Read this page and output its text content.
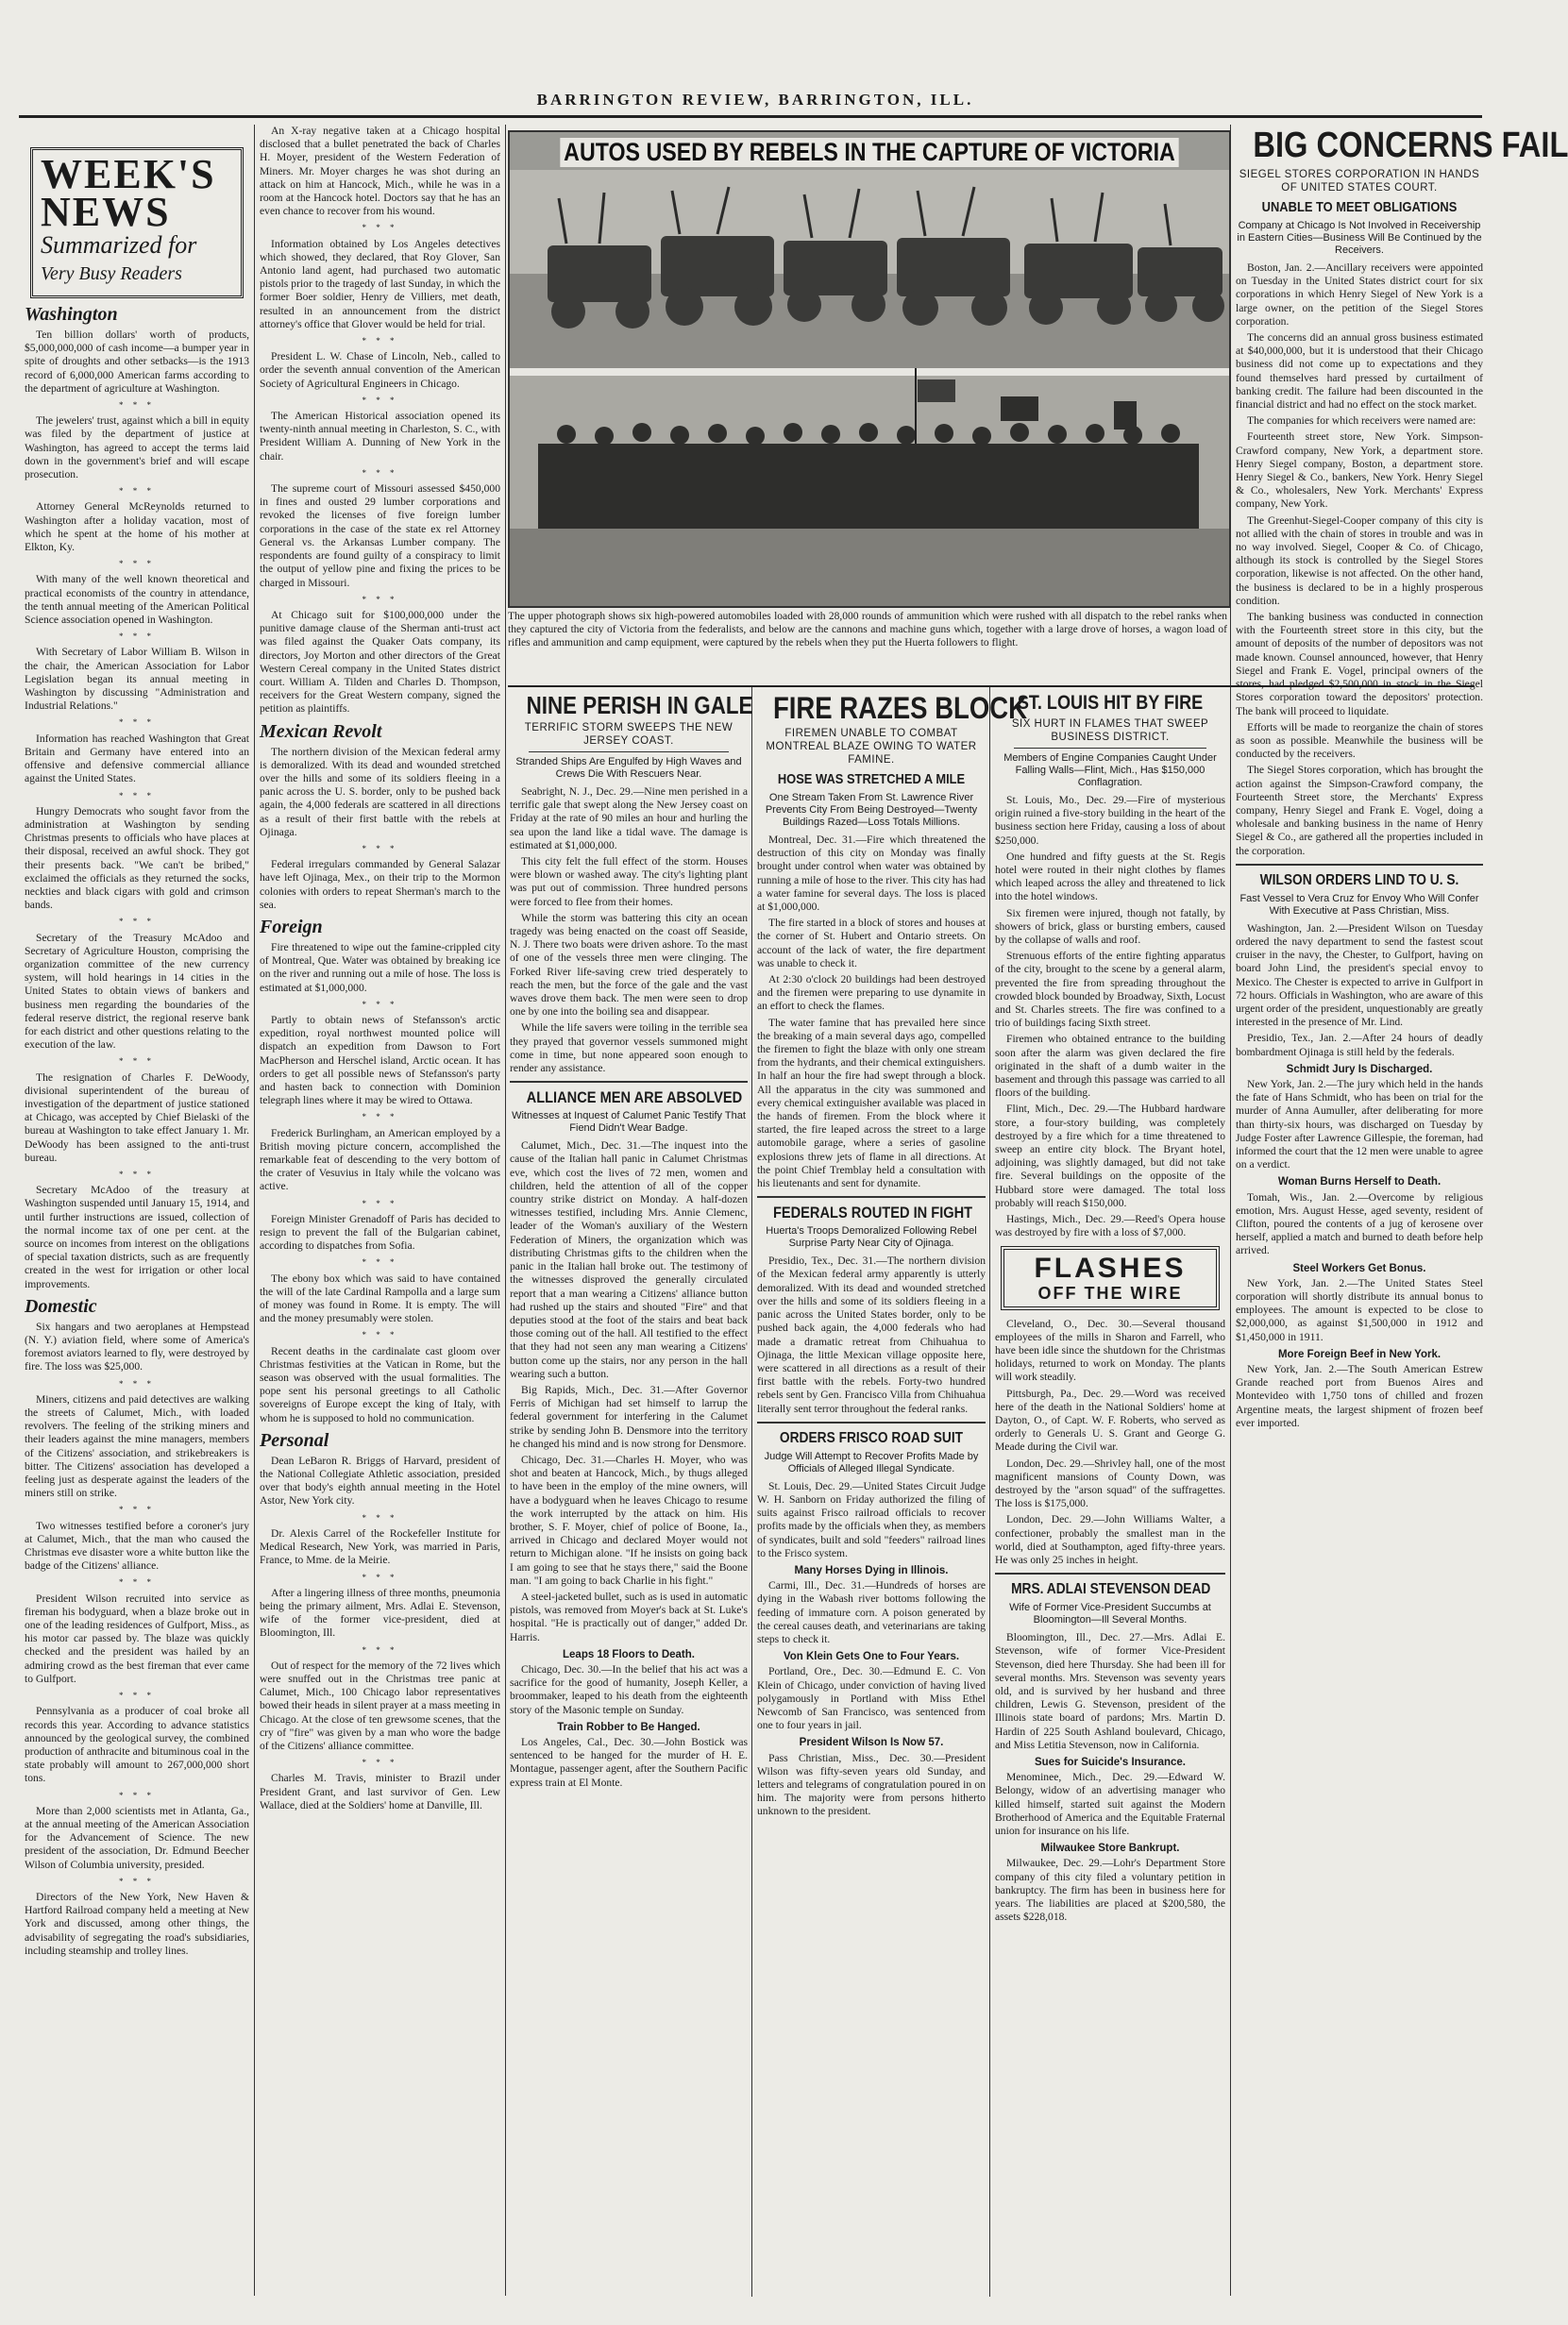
BARRINGTON REVIEW, BARRINGTON, ILL.
WEEK'S
NEWS
Summarized for
Very Busy Readers
Washington

Ten billion dollars' worth of products, $5,000,000,000 of cash income—a bumper year in spite of droughts and other setbacks—is the 1913 record of 6,000,000 American farms according to the department of agriculture at Washington.

* * *

The jewelers' trust, against which a bill in equity was filed by the department of justice at Washington, has agreed to accept the terms laid down in the government's brief and will escape prosecution.

* * *

Attorney General McReynolds returned to Washington after a holiday vacation, most of which he spent at the home of his mother at Elkton, Ky.

* * *

With many of the well known theoretical and practical economists of the country in attendance, the tenth annual meeting of the American Political Science association opened in Washington.

* * *

With Secretary of Labor William B. Wilson in the chair, the American Association for Labor Legislation began its annual meeting in Washington by discussing "Administration and Industrial Relations."

* * *

Information has reached Washington that Great Britain and Germany have entered into an offensive and defensive commercial alliance against the United States.

* * *

Hungry Democrats who sought favor from the administration at Washington by sending Christmas presents to officials who have places at their disposal, received an awful shock. They got their presents back. "We can't be bribed," exclaimed the officials as they returned the socks, neckties and black cigars with gold and crimson bands.

* * *

Secretary of the Treasury McAdoo and Secretary of Agriculture Houston, comprising the organization committee of the new currency system, will hold hearings in 14 cities in the United States to obtain views of bankers and business men regarding the boundaries of the federal reserve district, the regional reserve bank for each district and other questions relating to the execution of the law.

* * *

The resignation of Charles F. DeWoody, divisional superintendent of the bureau of investigation of the department of justice stationed at Chicago, was accepted by Chief Bielaski of the bureau at Washington to take effect January 1. Mr. DeWoody has been assigned to the anti-trust bureau.

* * *

Secretary McAdoo of the treasury at Washington suspended until January 15, 1914, and until further instructions are issued, collection of the normal income tax of one per cent. at the source on incomes from interest on the obligations of special taxation districts, such as are frequently created in the west for irrigation or other local improvements.

Domestic

Six hangars and two aeroplanes at Hempstead (N. Y.) aviation field, where some of America's foremost aviators learned to fly, were destroyed by fire. The loss was $25,000.

* * *

Miners, citizens and paid detectives are walking the streets of Calumet, Mich., with loaded revolvers. The feeling of the striking miners and their leaders against the mine managers, members of the Citizens' association, and strikebreakers is bitter. The Citizens' association has developed a feeling just as desperate against the leaders of the miners still on strike.

* * *

Two witnesses testified before a coroner's jury at Calumet, Mich., that the man who caused the Christmas eve disaster wore a white button like the badge of the Citizens' alliance.

* * *

President Wilson recruited into service as fireman his bodyguard, when a blaze broke out in one of the leading residences of Gulfport, Miss., as his motor car passed by. The blaze was quickly checked and the president was hailed by an admiring crowd as the best fireman that ever came to Gulfport.

* * *

Pennsylvania as a producer of coal broke all records this year. According to advance statistics announced by the geological survey, the combined production of anthracite and bituminous coal in the state probably will amount to 267,000,000 short tons.

* * *

More than 2,000 scientists met in Atlanta, Ga., at the annual meeting of the American Association for the Advancement of Science. The new president of the association, Dr. Edmund Beecher Wilson of Columbia university, presided.

* * *

Directors of the New York, New Haven & Hartford Railroad company held a meeting at New York and discussed, among other things, the advisability of segregating the road's subsidiaries, including steamship and trolley lines.

An X-ray negative taken at a Chicago hospital disclosed that a bullet penetrated the back of Charles H. Moyer, president of the Western Federation of Miners. Mr. Moyer charges he was shot during an attack on him at Hancock, Mich., while he was in a room at the Hancock hotel. Doctors say that he has an even chance to recover from his wound.

* * *

Information obtained by Los Angeles detectives which showed, they declared, that Roy Glover, San Antonio land agent, had purchased two automatic pistols prior to the tragedy of last Sunday, in which the former Boer soldier, Henry de Villiers, met death, resulted in an announcement from the district attorney's office that Glover would be held for trial.

* * *

President L. W. Chase of Lincoln, Neb., called to order the seventh annual convention of the American Society of Agricultural Engineers in Chicago.

* * *

The American Historical association opened its twenty-ninth annual meeting in Charleston, S. C., with President William A. Dunning of New York in the chair.

* * *

The supreme court of Missouri assessed $450,000 in fines and ousted 29 lumber corporations and revoked the licenses of five foreign lumber corporations in the case of the state ex rel Attorney General vs. the Arkansas Lumber company. The respondents are found guilty of a conspiracy to limit the output of yellow pine and fixing the prices to be charged in Missouri.

* * *

At Chicago suit for $100,000,000 under the punitive damage clause of the Sherman anti-trust act was filed against the Quaker Oats company, its directors, Joy Morton and other directors of the Great Western Cereal company in the United States district court. William A. Tilden and Charles D. Thompson, receivers for the Great Western company, signed the petition as plaintiffs.

Mexican Revolt

The northern division of the Mexican federal army is demoralized. With its dead and wounded stretched over the hills and some of its soldiers fleeing in a panic across the U. S. border, only to be pushed back again, the 4,000 federals are scattered in all directions as a result of their first battle with the rebels at Ojinaga.

* * *

Federal irregulars commanded by General Salazar have left Ojinaga, Mex., on their trip to the Mormon colonies with orders to repeat Sherman's march to the sea.

Foreign

Fire threatened to wipe out the famine-crippled city of Montreal, Que. Water was obtained by breaking ice on the river and running out a mile of hose. The loss is estimated at $1,000,000.

* * *

Partly to obtain news of Stefansson's arctic expedition, royal northwest mounted police will dispatch an expedition from Dawson to Fort MacPherson and Herschel island, Arctic ocean. It has orders to get all possible news of Stefansson's party and hasten back to connection with Dominion telegraph lines where it may be wired to Ottawa.

* * *

Frederick Burlingham, an American employed by a British moving picture concern, accomplished the remarkable feat of descending to the very bottom of the crater of Vesuvius in Italy while the volcano was active.

* * *

Foreign Minister Grenadoff of Paris has decided to resign to prevent the fall of the Bulgarian cabinet, according to dispatches from Sofia.

* * *

The ebony box which was said to have contained the will of the late Cardinal Rampolla and a large sum of money was found in Rome. It is empty. The will and the money presumably were stolen.

* * *

Recent deaths in the cardinalate cast gloom over Christmas festivities at the Vatican in Rome, but the season was observed with the usual formalities. The pope sent his personal greetings to all Catholic sovereigns of Europe except the king of Italy, with whom he is supposed to hold no communication.

Personal

Dean LeBaron R. Briggs of Harvard, president of the National Collegiate Athletic association, presided over that body's eighth annual meeting in the Hotel Astor, New York city.

* * *

Dr. Alexis Carrel of the Rockefeller Institute for Medical Research, New York, was married in Paris, France, to Mme. de la Meirie.

* * *

After a lingering illness of three months, pneumonia being the primary ailment, Mrs. Adlai E. Stevenson, wife of the former vice-president, died at Bloomington, Ill.

* * *

Out of respect for the memory of the 72 lives which were snuffed out in the Christmas tree panic at Calumet, Mich., 100 Chicago labor representatives bowed their heads in silent prayer at a mass meeting in Chicago. At the close of ten grewsome scenes, that the cry of "fire" was given by a man who wore the badge of the Citizens' alliance committee.

* * *

Charles M. Travis, minister to Brazil under President Grant, and last survivor of Gen. Lew Wallace, died at the Soldiers' home at Danville, Ill.

AUTOS USED BY REBELS IN THE CAPTURE OF VICTORIA
The upper photograph shows six high-powered automobiles loaded with 28,000 rounds of ammunition which were rushed with all dispatch to the rebel ranks when they captured the city of Victoria from the federalists, and below are the cannons and machine guns which, together with a large drove of horses, a wagon load of rifles and ammunition and camp equipment, were captured by the rebels when they put the Huerta followers to flight.
NINE PERISH IN GALE
TERRIFIC STORM SWEEPS THE NEW JERSEY COAST.
Stranded Ships Are Engulfed by High Waves and Crews Die With Rescuers Near.

Seabright, N. J., Dec. 29.—Nine men perished in a terrific gale that swept along the New Jersey coast on Friday at the rate of 90 miles an hour and hurling the sea upon the land like a tidal wave. The damage is estimated at $1,000,000.

This city felt the full effect of the storm. Houses were blown or washed away. The city's lighting plant was put out of commission. Three hundred persons were forced to flee from their homes.

While the storm was battering this city an ocean tragedy was being enacted on the coast off Seaside, N. J. There two boats were driven ashore. To the mast of one of the vessels three men were clinging. The Forked River life-saving crew tried desperately to reach the men, but the force of the gale and the vast waves drove them back. The men were seen to drop one by one into the boiling sea and disappear.

While the life savers were toiling in the terrible sea they prayed that governor vessels summoned might come in time, but none appeared soon enough to render any assistance.

ALLIANCE MEN ARE ABSOLVED
Witnesses at Inquest of Calumet Panic Testify That Fiend Didn't Wear Badge.

Calumet, Mich., Dec. 31.—The inquest into the cause of the Italian hall panic in Calumet Christmas eve, which cost the lives of 72 men, women and children, held the attention of all of the copper country strike district on Monday. A half-dozen witnesses testified, including Mrs. Annie Clemenc, leader of the Woman's auxiliary of the Western Federation of Miners, the organization which was distributing Christmas gifts to the children when the panic in the Italian hall broke out. The testimony of the witnesses disproved the generally circulated report that a man wearing a Citizens' alliance button had rushed up the stairs and shouted "Fire" and that deputies stood at the foot of the stairs and beat back those coming out of the hall. All testified to the effect that they had not seen any man wearing a Citizens' button come up the stairs, nor any person in the hall wearing such a button.

Big Rapids, Mich., Dec. 31.—After Governor Ferris of Michigan had set himself to larrup the federal government for interfering in the Calumet strike by sending John B. Densmore into the territory he changed his mind and is now strong for Densmore.

Chicago, Dec. 31.—Charles H. Moyer, who was shot and beaten at Hancock, Mich., by thugs alleged to have been in the employ of the mine owners, will have a bodyguard when he leaves Chicago to resume the work interrupted by the attack on him. His brother, S. F. Moyer, chief of police of Boone, Ia., arrived in Chicago and declared Moyer would not return to Michigan alone. "If he insists on going back I am going to see that he stays there," said the Boone man. "I am going to back Charlie in his fight."

A steel-jacketed bullet, such as is used in automatic pistols, was removed from Moyer's back at St. Luke's hospital. "He is practically out of danger," added Dr. Harris.

Leaps 18 Floors to Death.

Chicago, Dec. 30.—In the belief that his act was a sacrifice for the good of humanity, Joseph Keller, a broommaker, leaped to his death from the eighteenth story of the Masonic temple on Sunday.

Train Robber to Be Hanged.

Los Angeles, Cal., Dec. 30.—John Bostick was sentenced to be hanged for the murder of H. E. Montague, passenger agent, after the Southern Pacific express train at El Monte.

FIRE RAZES BLOCK
FIREMEN UNABLE TO COMBAT MONTREAL BLAZE OWING TO WATER FAMINE.
HOSE WAS STRETCHED A MILE
One Stream Taken From St. Lawrence River Prevents City From Being Destroyed—Twenty Buildings Razed—Loss Totals Millions.

Montreal, Dec. 31.—Fire which threatened the destruction of this city on Monday was finally brought under control when water was obtained by running a mile of hose to the river. This city has had a water famine for several days. The loss is placed at $1,000,000.

The fire started in a block of stores and houses at the corner of St. Hubert and Ontario streets. On account of the lack of water, the fire department was unable to check it.

At 2:30 o'clock 20 buildings had been destroyed and the firemen were preparing to use dynamite in an effort to check the flames.

The water famine that has prevailed here since the breaking of a main several days ago, compelled the firemen to fight the blaze with only one stream from the hydrants, and their chemical extinguishers. In half an hour the fire had swept through a block. All the apparatus in the city was summoned and every chemical extinguisher available was placed in the hands of firemen. From the block where it started, the fire leaped across the street to a large automobile garage, where a series of gasoline explosions threw jets of flame in all directions. At the point Chief Tremblay held a consultation with his lieutenants and sent for dynamite.

FEDERALS ROUTED IN FIGHT
Huerta's Troops Demoralized Following Rebel Surprise Party Near City of Ojinaga.

Presidio, Tex., Dec. 31.—The northern division of the Mexican federal army apparently is utterly demoralized. With its dead and wounded stretched over the hills and some of its soldiers fleeing in a panic across the United States border, only to be pushed back again, the 4,000 federals who had made a dramatic retreat from Chihuahua to Ojinaga, the little Mexican village opposite here, were scattered in all directions as a result of their first battle with the rebels. Forty-two hundred rebels sent by Gen. Francisco Villa from Chihuahua literally sent terror throughout the federal ranks.

ORDERS FRISCO ROAD SUIT
Judge Will Attempt to Recover Profits Made by Officials of Alleged Illegal Syndicate.

St. Louis, Dec. 29.—United States Circuit Judge W. H. Sanborn on Friday authorized the filing of suits against Frisco railroad officials to recover profits made by the officials when they, as members of syndicates, built and sold "feeders" railroad lines to the Frisco system.

Many Horses Dying in Illinois.

Carmi, Ill., Dec. 31.—Hundreds of horses are dying in the Wabash river bottoms following the feeding of immature corn. A poison generated by the cereal causes death, and veterinarians are taking steps to check it.

Von Klein Gets One to Four Years.

Portland, Ore., Dec. 30.—Edmund E. C. Von Klein of Chicago, under conviction of having lived polygamously in Portland with Miss Ethel Newcomb of San Francisco, was sentenced from one to four years in jail.

President Wilson Is Now 57.

Pass Christian, Miss., Dec. 30.—President Wilson was fifty-seven years old Sunday, and letters and telegrams of congratulation poured in on him. The majority were from persons hitherto unknown to the president.

ST. LOUIS HIT BY FIRE
SIX HURT IN FLAMES THAT SWEEP BUSINESS DISTRICT.
Members of Engine Companies Caught Under Falling Walls—Flint, Mich., Has $150,000 Conflagration.

St. Louis, Mo., Dec. 29.—Fire of mysterious origin ruined a five-story building in the heart of the business section here Friday, causing a loss of about $250,000.

One hundred and fifty guests at the St. Regis hotel were routed in their night clothes by flames which leaped across the alley and threatened to lick into the hotel windows.

Six firemen were injured, though not fatally, by showers of brick, glass or bursting embers, caused by the collapse of walls and roof.

Strenuous efforts of the entire fighting apparatus of the city, brought to the scene by a general alarm, prevented the fire from spreading throughout the crowded block bounded by Broadway, Sixth, Locust and St. Charles streets. The fire was confined to a trio of buildings facing Sixth street.

Firemen who obtained entrance to the building soon after the alarm was given declared the fire originated in the shaft of a dumb waiter in the basement and through this passage was carried to all floors of the building.

Flint, Mich., Dec. 29.—The Hubbard hardware store, a four-story building, was completely destroyed by a fire which for a time threatened to sweep an entire city block. The Bryant hotel, adjoining, was slightly damaged, but did not take fire. Several buildings on the opposite of the Hubbard store were damaged. The total loss probably will reach $150,000.

Hastings, Mich., Dec. 29.—Reed's Opera house was destroyed by fire with a loss of $7,000.

FLASHES
OFF THE WIRE

Cleveland, O., Dec. 30.—Several thousand employees of the mills in Sharon and Farrell, who have been idle since the shutdown for the Christmas holidays, returned to work on Monday. The plants will work steadily.

Pittsburgh, Pa., Dec. 29.—Word was received here of the death in the National Soldiers' home at Dayton, O., of Capt. W. F. Roberts, who served as orderly to Generals U. S. Grant and George G. Meade during the Civil war.

London, Dec. 29.—Shrivley hall, one of the most magnificent mansions of County Down, was destroyed by the "arson squad" of the suffragettes. The loss is $175,000.

London, Dec. 29.—John Williams Walter, a confectioner, probably the smallest man in the world, died at Southampton, aged fifty-three years. He was only 25 inches in height.

MRS. ADLAI STEVENSON DEAD
Wife of Former Vice-President Succumbs at Bloomington—Ill Several Months.

Bloomington, Ill., Dec. 27.—Mrs. Adlai E. Stevenson, wife of former Vice-President Stevenson, died here Thursday. She had been ill for several months. Mrs. Stevenson was seventy years old, and is survived by her husband and three children, Lewis G. Stevenson, president of the Illinois state board of pardons; Mrs. Martin D. Hardin of 225 South Ashland boulevard, Chicago, and Miss Letitia Stevenson, now in California.

Sues for Suicide's Insurance.

Menominee, Mich., Dec. 29.—Edward W. Belongy, widow of an advertising manager who killed himself, started suit against the Modern Brotherhood of America and the Equitable Fraternal union for insurance on his life.

Milwaukee Store Bankrupt.

Milwaukee, Dec. 29.—Lohr's Department Store company of this city filed a voluntary petition in bankruptcy. The firm has been in business here for years. The liabilities are placed at $200,580, the assets $228,018.

BIG CONCERNS FAIL
SIEGEL STORES CORPORATION IN HANDS OF UNITED STATES COURT.
UNABLE TO MEET OBLIGATIONS
Company at Chicago Is Not Involved in Receivership in Eastern Cities—Business Will Be Continued by the Receivers.

Boston, Jan. 2.—Ancillary receivers were appointed on Tuesday in the United States district court for six corporations in which Henry Siegel of New York is a large owner, on the petition of the Siegel Stores corporation.

The concerns did an annual gross business estimated at $40,000,000, but it is understood that their Chicago business did not come up to expectations and they found themselves hard pressed by curtailment of banking credit. The failure had been discounted in the financial district and had no effect on the stock market.

The companies for which receivers were named are:

Fourteenth street store, New York. Simpson-Crawford company, New York, a department store. Henry Siegel company, Boston, a department store. Henry Siegel & Co., bankers, New York. Henry Siegel & Co., wholesalers, New York. Merchants' Express company, New York.

The Greenhut-Siegel-Cooper company of this city is not allied with the chain of stores in trouble and was in no way involved. Siegel, Cooper & Co. of Chicago, although its stock is controlled by the Siegel Stores corporation, likewise is not affected. On the other hand, the business is declared to be in a highly prosperous condition.

The banking business was conducted in connection with the Fourteenth street store in this city, but the amount of deposits of the number of depositors was not made known. Counsel announced, however, that Henry Siegel and Frank E. Vogel, principal owners of the stores, had pledged $2,500,000 in stock in the Siegel Stores corporation toward the depositors' protection. The bank will proceed to liquidate.

Efforts will be made to reorganize the chain of stores as soon as possible. Meanwhile the business will be conducted by the receivers.

The Siegel Stores corporation, which has brought the action against the Simpson-Crawford company, the Fourteenth Street store, the Merchants' Express company, Henry Siegel and Frank E. Vogel, doing a wholesale and banking business in the name of Henry Siegel & Co., are gathered all the properties included in the corporation.

WILSON ORDERS LIND TO U. S.
Fast Vessel to Vera Cruz for Envoy Who Will Confer With Executive at Pass Christian, Miss.

Washington, Jan. 2.—President Wilson on Tuesday ordered the navy department to send the fastest scout cruiser in the navy, the Chester, to Gulfport, having on board John Lind, the president's special envoy to Mexico. The Chester is expected to arrive in Gulfport in 72 hours. Officials in Washington, who are aware of this urgent order of the president, unquestionably are greatly interested in the presence of Mr. Lind.

Presidio, Tex., Jan. 2.—After 24 hours of deadly bombardment Ojinaga is still held by the federals.

Schmidt Jury Is Discharged.

New York, Jan. 2.—The jury which held in the hands the fate of Hans Schmidt, who has been on trial for the murder of Anna Aumuller, after deliberating for more than thirty-six hours, was discharged on Tuesday by Judge Foster after Lawrence Gillespie, the foreman, had informed the court that the 12 men were unable to agree on a verdict.

Woman Burns Herself to Death.

Tomah, Wis., Jan. 2.—Overcome by religious emotion, Mrs. August Hesse, aged seventy, resident of Clifton, poured the contents of a jug of kerosene over herself, applied a match and burned to death before help arrived.

Steel Workers Get Bonus.

New York, Jan. 2.—The United States Steel corporation will shortly distribute its annual bonus to employees. The amount is expected to be close to $2,000,000, as against $1,500,000 in 1912 and $1,450,000 in 1911.

More Foreign Beef in New York.

New York, Jan. 2.—The South American Estrew Grande reached port from Buenos Aires and Montevideo with 1,750 tons of chilled and frozen Argentine meats, the largest shipment of frozen beef ever imported.
